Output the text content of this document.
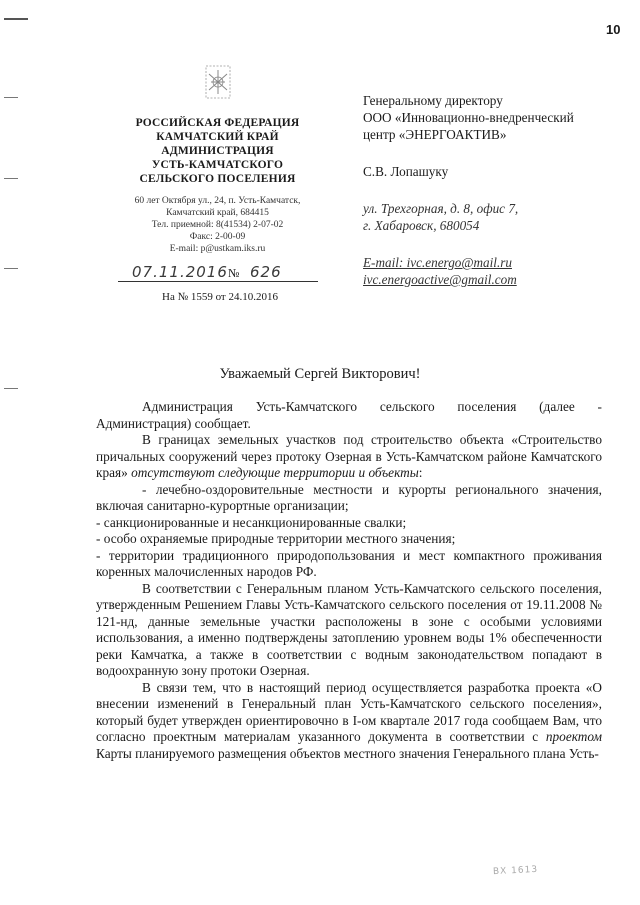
10
РОССИЙСКАЯ ФЕДЕРАЦИЯ
КАМЧАТСКИЙ КРАЙ
АДМИНИСТРАЦИЯ
УСТЬ-КАМЧАТСКОГО
СЕЛЬСКОГО ПОСЕЛЕНИЯ
60 лет Октября ул., 24, п. Усть-Камчатск,
Камчатский край, 684415
Тел. приемной: 8(41534) 2-07-02
Факс: 2-00-09
E-mail: p@ustkam.iks.ru
07.11.2016 № 626
На № 1559 от 24.10.2016
Генеральному директору
ООО «Инновационно-внедренческий
центр «ЭНЕРГОАКТИВ»
С.В. Лопашуку
ул. Трехгорная, д. 8, офис 7,
г. Хабаровск, 680054
E-mail: ivc.energo@mail.ru
ivc.energoactive@gmail.com
Уважаемый Сергей Викторович!

Администрация Усть-Камчатского сельского поселения (далее - Администрация) сообщает.

В границах земельных участков под строительство объекта «Строительство причальных сооружений через протоку Озерная в Усть-Камчатском районе Камчатского края» отсутствуют следующие территории и объекты:

- лечебно-оздоровительные местности и курорты регионального значения, включая санитарно-курортные организации;

- санкционированные и несанкционированные свалки;

- особо охраняемые природные территории местного значения;

- территории традиционного природопользования и мест компактного проживания коренных малочисленных народов РФ.

В соответствии с Генеральным планом Усть-Камчатского сельского поселения, утвержденным Решением Главы Усть-Камчатского сельского поселения от 19.11.2008 № 121-нд, данные земельные участки расположены в зоне с особыми условиями использования, а именно подтверждены затоплению уровнем воды 1% обеспеченности реки Камчатка, а также в соответствии с водным законодательством попадают в водоохранную зону протоки Озерная.

В связи тем, что в настоящий период осуществляется разработка проекта «О внесении изменений в Генеральный план Усть-Камчатского сельского поселения», который будет утвержден ориентировочно в I-ом квартале 2017 года сообщаем Вам, что согласно проектным материалам указанного документа в соответствии с проектом Карты планируемого размещения объектов местного значения Генерального плана Усть-

ВХ 1613
